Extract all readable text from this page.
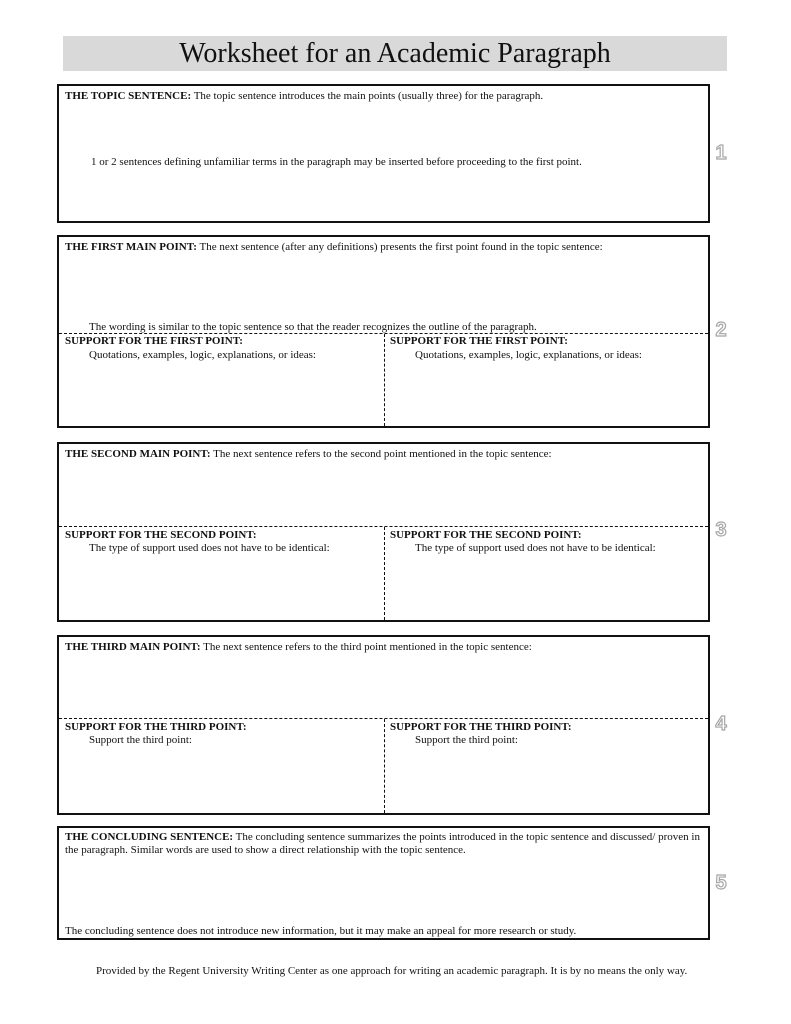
Worksheet for an Academic Paragraph
THE TOPIC SENTENCE: The topic sentence introduces the main points (usually three) for the paragraph.
1 or 2 sentences defining unfamiliar terms in the paragraph may be inserted before proceeding to the first point.	1
THE FIRST MAIN POINT: The next sentence (after any definitions) presents the first point found in the topic sentence:
The wording is similar to the topic sentence so that the reader recognizes the outline of the paragraph.
SUPPORT FOR THE FIRST POINT:
Quotations, examples, logic, explanations, or ideas:
SUPPORT FOR THE FIRST POINT:
Quotations, examples, logic, explanations, or ideas:
2
THE SECOND MAIN POINT: The next sentence refers to the second point mentioned in the topic sentence:
SUPPORT FOR THE SECOND POINT:
The type of support used does not have to be identical:
SUPPORT FOR THE SECOND POINT:
The type of support used does not have to be identical:
3
THE THIRD MAIN POINT: The next sentence refers to the third point mentioned in the topic sentence:
SUPPORT FOR THE THIRD POINT:
Support the third point:
SUPPORT FOR THE THIRD POINT:
Support the third point:
4
THE CONCLUDING SENTENCE: The concluding sentence summarizes the points introduced in the topic sentence and discussed/ proven in the paragraph. Similar words are used to show a direct relationship with the topic sentence.
The concluding sentence does not introduce new information, but it may make an appeal for more research or study.
5
Provided by the Regent University Writing Center as one approach for writing an academic paragraph. It is by no means the only way.
